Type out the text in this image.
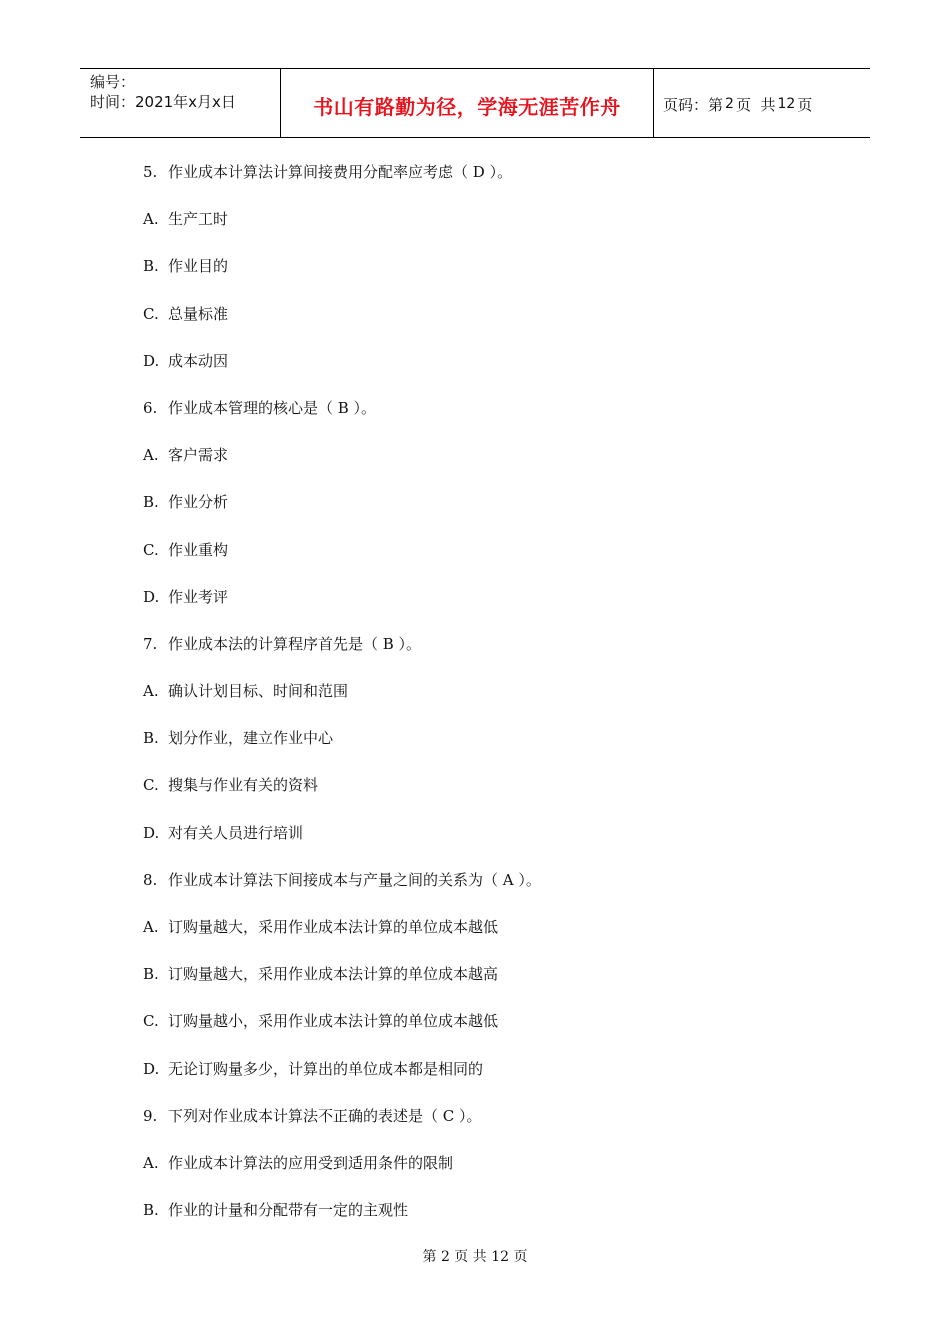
编号：
时间：2021年x月x日	书山有路勤为径，学海无涯苦作舟	页码：第 2 页  共 12 页
5. 作业成本计算法计算间接费用分配率应考虑（ D ）。
A. 生产工时
B. 作业目的
C. 总量标准
D. 成本动因
6. 作业成本管理的核心是（ B ）。
A. 客户需求
B. 作业分析
C. 作业重构
D. 作业考评
7. 作业成本法的计算程序首先是（ B ）。
A. 确认计划目标、时间和范围
B. 划分作业，建立作业中心
C. 搜集与作业有关的资料
D. 对有关人员进行培训
8. 作业成本计算法下间接成本与产量之间的关系为（ A ）。
A. 订购量越大，采用作业成本法计算的单位成本越低
B. 订购量越大，采用作业成本法计算的单位成本越高
C. 订购量越小，采用作业成本法计算的单位成本越低
D. 无论订购量多少，计算出的单位成本都是相同的
9. 下列对作业成本计算法不正确的表述是（ C ）。
A. 作业成本计算法的应用受到适用条件的限制
B. 作业的计量和分配带有一定的主观性
第 2 页 共 12 页
